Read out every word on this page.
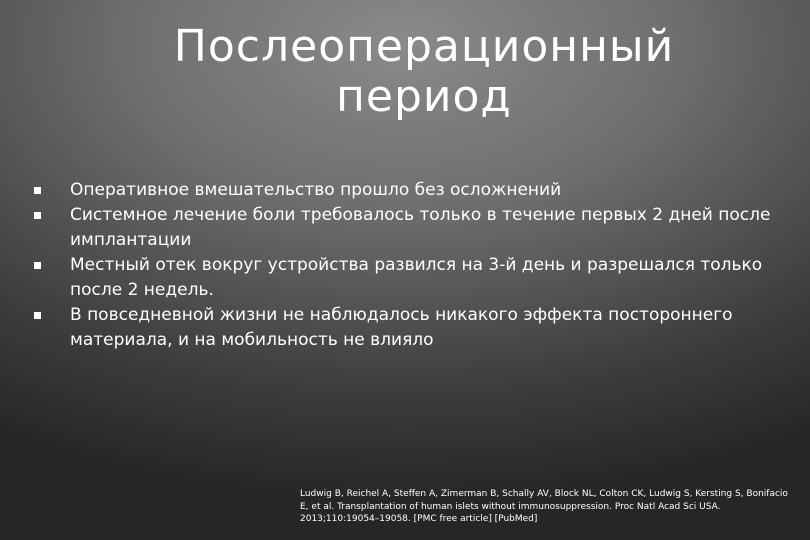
Послеоперационный период
Оперативное вмешательство прошло без осложнений
Системное лечение боли требовалось только в течение первых 2 дней после имплантации
Местный отек вокруг устройства развился на 3-й день и разрешался только после 2 недель.
В повседневной жизни не наблюдалось никакого эффекта постороннего материала, и на мобильность не влияло
Ludwig B, Reichel A, Steffen A, Zimerman B, Schally AV, Block NL, Colton CK, Ludwig S, Kersting S, Bonifacio E, et al. Transplantation of human islets without immunosuppression. Proc Natl Acad Sci USA. 2013;110:19054–19058. [PMC free article] [PubMed]
